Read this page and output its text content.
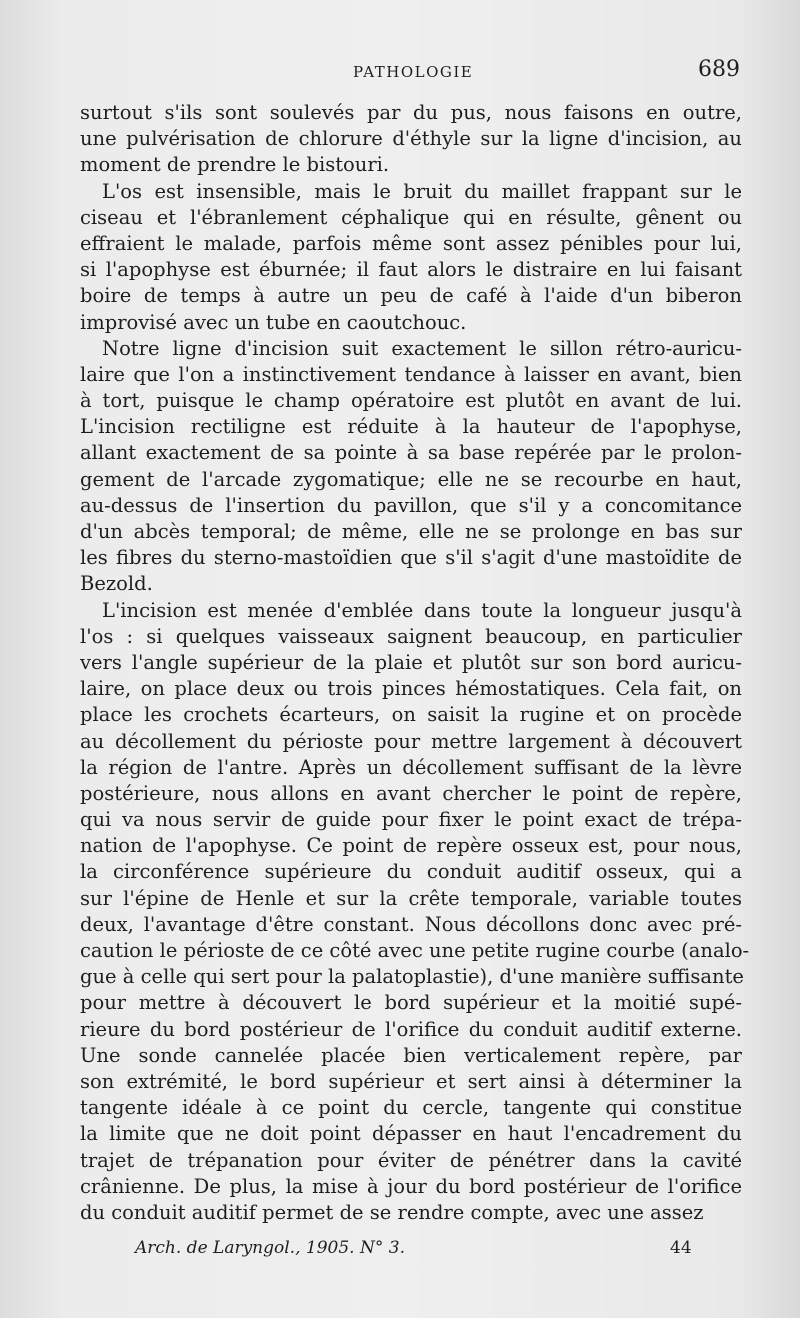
PATHOLOGIE	689

surtout s'ils sont soulevés par du pus, nous faisons en outre,
une pulvérisation de chlorure d'éthyle sur la ligne d'incision, au
moment de prendre le bistouri.

L'os est insensible, mais le bruit du maillet frappant sur le
ciseau et l'ébranlement céphalique qui en résulte, gênent ou
effraient le malade, parfois même sont assez pénibles pour lui,
si l'apophyse est éburnée; il faut alors le distraire en lui faisant
boire de temps à autre un peu de café à l'aide d'un biberon
improvisé avec un tube en caoutchouc.

Notre ligne d'incision suit exactement le sillon rétro-auricu-
laire que l'on a instinctivement tendance à laisser en avant, bien
à tort, puisque le champ opératoire est plutôt en avant de lui.
L'incision rectiligne est réduite à la hauteur de l'apophyse,
allant exactement de sa pointe à sa base repérée par le prolon-
gement de l'arcade zygomatique; elle ne se recourbe en haut,
au-dessus de l'insertion du pavillon, que s'il y a concomitance
d'un abcès temporal; de même, elle ne se prolonge en bas sur
les fibres du sterno-mastoïdien que s'il s'agit d'une mastoïdite de
Bezold.

L'incision est menée d'emblée dans toute la longueur jusqu'à
l'os : si quelques vaisseaux saignent beaucoup, en particulier
vers l'angle supérieur de la plaie et plutôt sur son bord auricu-
laire, on place deux ou trois pinces hémostatiques. Cela fait, on
place les crochets écarteurs, on saisit la rugine et on procède
au décollement du périoste pour mettre largement à découvert
la région de l'antre. Après un décollement suffisant de la lèvre
postérieure, nous allons en avant chercher le point de repère,
qui va nous servir de guide pour fixer le point exact de trépa-
nation de l'apophyse. Ce point de repère osseux est, pour nous,
la circonférence supérieure du conduit auditif osseux, qui a
sur l'épine de Henle et sur la crête temporale, variable toutes
deux, l'avantage d'être constant. Nous décollons donc avec pré-
caution le périoste de ce côté avec une petite rugine courbe (analo-
gue à celle qui sert pour la palatoplastie), d'une manière suffisante
pour mettre à découvert le bord supérieur et la moitié supé-
rieure du bord postérieur de l'orifice du conduit auditif externe.
Une sonde cannelée placée bien verticalement repère, par
son extrémité, le bord supérieur et sert ainsi à déterminer la
tangente idéale à ce point du cercle, tangente qui constitue
la limite que ne doit point dépasser en haut l'encadrement du
trajet de trépanation pour éviter de pénétrer dans la cavité
crânienne. De plus, la mise à jour du bord postérieur de l'orifice
du conduit auditif permet de se rendre compte, avec une assez

Arch. de Laryngol., 1905. N° 3.	44
